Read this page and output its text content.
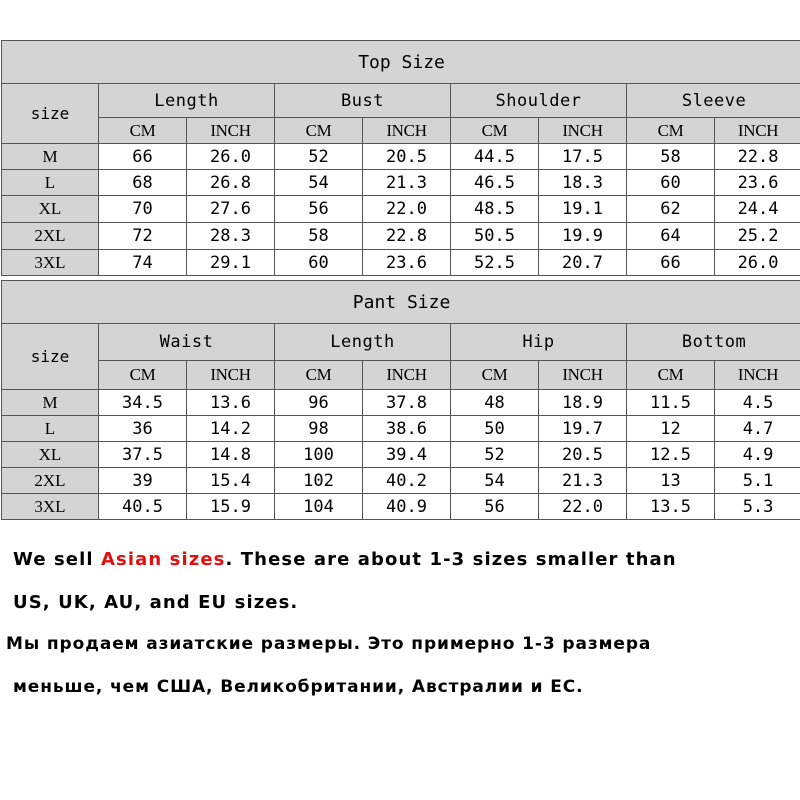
Top Size								
size	Length		Bust		Shoulder		Sleeve	
	CM	INCH	CM	INCH	CM	INCH	CM	INCH
M	66	26.0	52	20.5	44.5	17.5	58	22.8
L	68	26.8	54	21.3	46.5	18.3	60	23.6
XL	70	27.6	56	22.0	48.5	19.1	62	24.4
2XL	72	28.3	58	22.8	50.5	19.9	64	25.2
3XL	74	29.1	60	23.6	52.5	20.7	66	26.0
Pant Size								
size	Waist		Length		Hip		Bottom	
	CM	INCH	CM	INCH	CM	INCH	CM	INCH
M	34.5	13.6	96	37.8	48	18.9	11.5	4.5
L	36	14.2	98	38.6	50	19.7	12	4.7
XL	37.5	14.8	100	39.4	52	20.5	12.5	4.9
2XL	39	15.4	102	40.2	54	21.3	13	5.1
3XL	40.5	15.9	104	40.9	56	22.0	13.5	5.3

We sell Asian sizes. These are about 1-3 sizes smaller than

US, UK, AU, and EU sizes.

Мы продаем азиатские размеры. Это примерно 1-3 размера

меньше, чем США, Великобритании, Австралии и ЕС.
